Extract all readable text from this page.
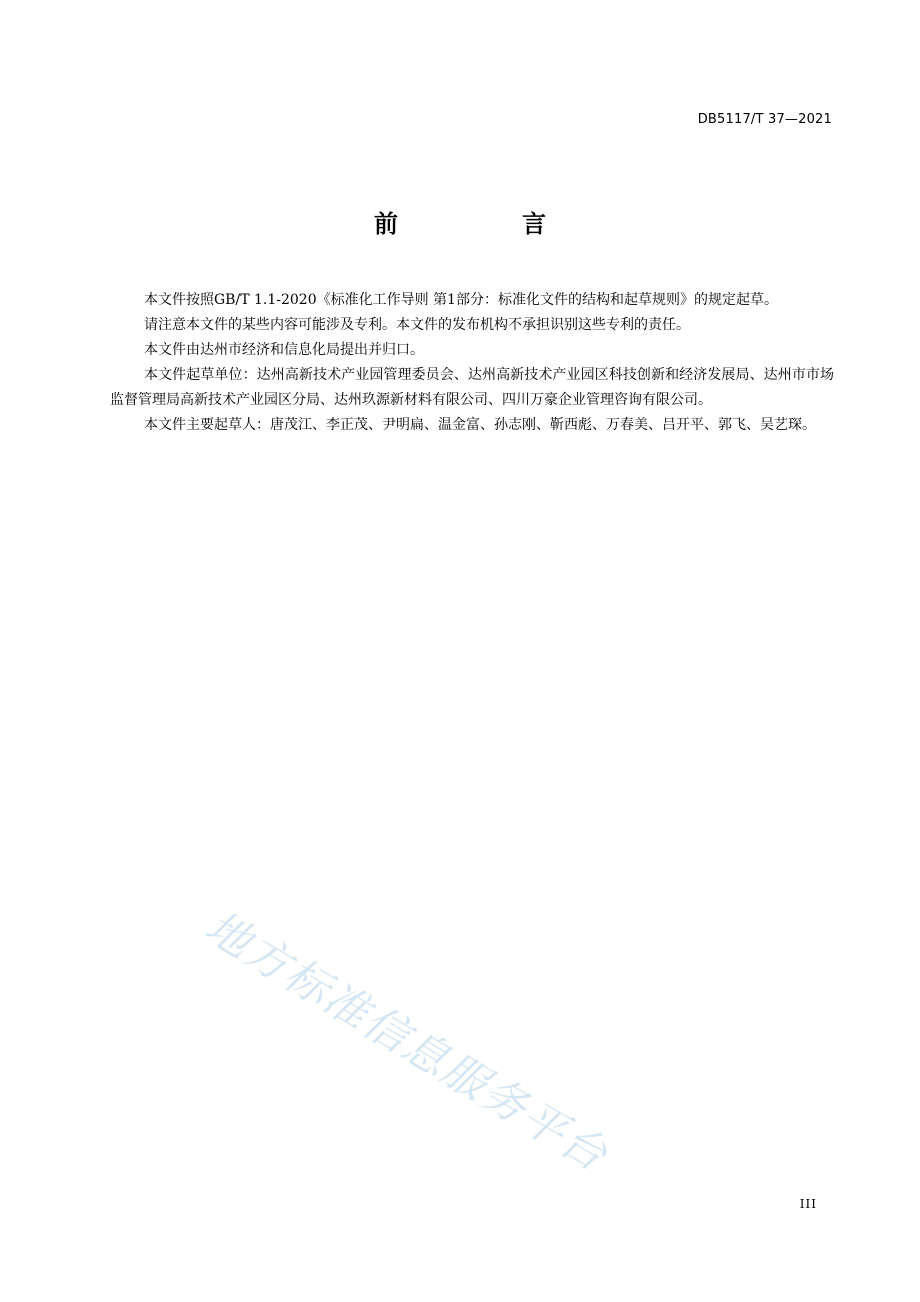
DB5117/T 37—2021
前　言

本文件按照GB/T 1.1-2020《标准化工作导则 第1部分：标准化文件的结构和起草规则》的规定起草。

请注意本文件的某些内容可能涉及专利。本文件的发布机构不承担识别这些专利的责任。

本文件由达州市经济和信息化局提出并归口。

本文件起草单位：达州高新技术产业园管理委员会、达州高新技术产业园区科技创新和经济发展局、达州市市场监督管理局高新技术产业园区分局、达州玖源新材料有限公司、四川万豪企业管理咨询有限公司。

本文件主要起草人：唐茂江、李正茂、尹明扁、温金富、孙志刚、靳西彪、万春美、吕开平、郭飞、吴艺琛。

地方标准信息服务平台
III
